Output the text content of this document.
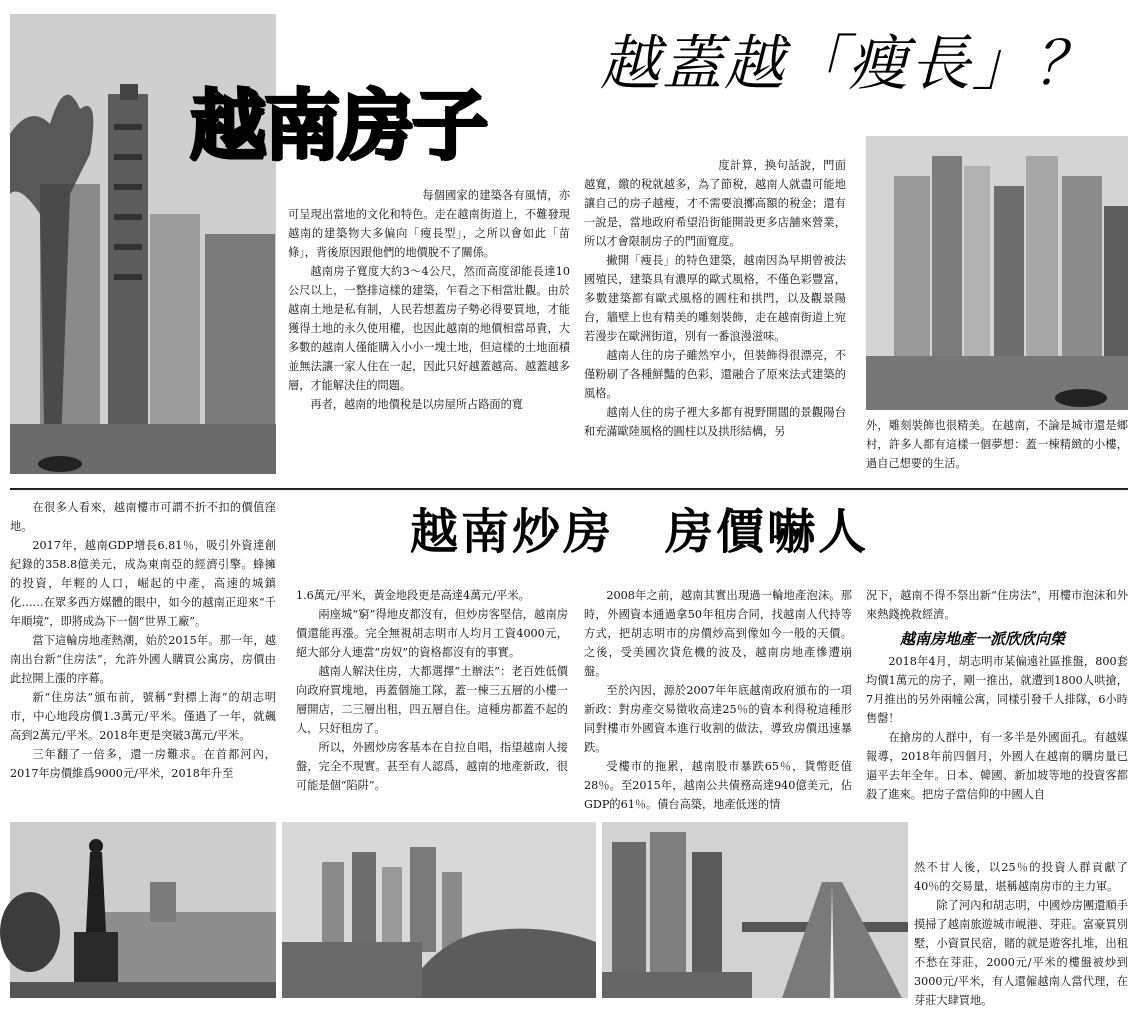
越南房子
越蓋越「瘦長」？

每個國家的建築各有風情，亦可呈現出當地的文化和特色。走在越南街道上，不難發現越南的建築物大多偏向「瘦長型」，之所以會如此「苗條」，背後原因跟他們的地價脫不了關係。

越南房子寬度大約3～4公尺，然而高度卻能長達10公尺以上，一整排這樣的建築，乍看之下相當壯觀。由於越南土地是私有制，人民若想蓋房子勢必得要買地，才能獲得土地的永久使用權，也因此越南的地價相當昂貴，大多數的越南人僅能購入小小一塊土地，但這樣的土地面積並無法讓一家人住在一起，因此只好越蓋越高、越蓋越多層，才能解決住的問題。

再者，越南的地價稅是以房屋所占路面的寬

度計算，換句話說，門面越寬，繳的稅就越多，為了節稅，越南人就盡可能地讓自己的房子越瘦，才不需要浪擲高額的稅金；還有一說是，當地政府希望沿街能開設更多店舖來營業，所以才會限制房子的門面寬度。

撇開「瘦長」的特色建築，越南因為早期曾被法國殖民，建築具有濃厚的歐式風格，不僅色彩豐富，多數建築都有歐式風格的圓柱和拱門，以及觀景陽台，牆壁上也有精美的雕刻裝飾，走在越南街道上宛若漫步在歐洲街道，別有一番浪漫滋味。

越南人住的房子雖然窄小，但裝飾得很漂亮，不僅粉刷了各種鮮豔的色彩，還融合了原來法式建築的風格。

越南人住的房子裡大多都有視野開闊的景觀陽台和充滿歐陸風格的圓柱以及拱形結構，另	外，雕刻裝飾也很精美。在越南，不論是城市還是鄉村，許多人都有這樣一個夢想：蓋一棟精緻的小樓，過自己想要的生活。

越南炒房　房價嚇人

在很多人看來，越南樓市可謂不折不扣的價值窪地。

2017年，越南GDP增長6.81％，吸引外資達創紀錄的358.8億美元，成為東南亞的經濟引擎。蜂擁的投資，年輕的人口，崛起的中產，高速的城鎮化……在眾多西方媒體的眼中，如今的越南正迎來“千年順境”，即將成為下一個“世界工廠”。

當下這輪房地產熱潮，始於2015年。那一年，越南出台新“住房法”，允許外國人購買公寓房，房價由此拉開上漲的序幕。

新“住房法”頒布前，號稱“對標上海”的胡志明市，中心地段房價1.3萬元/平米。僅過了一年，就飆高到2萬元/平米。2018年更是突破3萬元/平米。

三年翻了一倍多，還一房難求。在首都河內，2017年房價維爲9000元/平米，2018年升至

1.6萬元/平米，黃金地段更是高達4萬元/平米。

兩座城“窮”得地皮都沒有，但炒房客堅信，越南房價還能再漲。完全無視胡志明市人均月工資4000元，絕大部分人連當“房奴”的資格都沒有的事實。

越南人解決住房，大都選擇“土辦法”：老百姓低價向政府買塊地，再蓋個施工隊，蓋一棟三五層的小樓一層開店，二三層出租，四五層自住。這種房都蓋不起的人，只好租房了。

所以，外國炒房客基本在自拉自唱，指望越南人接盤，完全不現實。甚至有人認爲，越南的地產新政，很可能是個“陷阱”。

2008年之前，越南其實出現過一輪地產泡沫。那時，外國資本通過拿50年租房合同，找越南人代持等方式，把胡志明市的房價炒高到像如今一般的天價。之後，受美國次貸危機的波及，越南房地產慘遭崩盤。

至於內因，源於2007年年底越南政府頒布的一項新政：對房產交易徵收高達25％的資本利得稅這種形同對樓市外國資本進行收割的做法，導致房價迅速暴跌。

受樓市的拖累，越南股市暴跌65％，貨幣貶值28％。至2015年，越南公共債務高達940億美元，佔GDP的61％。債台高築，地產低迷的情

況下，越南不得不祭出新“住房法”，用樓市泡沫和外來熱錢挽救經濟。

越南房地產一派欣欣向榮

2018年4月，胡志明市某偏遠社區推盤，800套均價1萬元的房子，剛一推出，就遭到1800人哄搶，7月推出的另外兩幢公寓，同樣引發千人排隊，6小時售罄！

在搶房的人群中，有一多半是外國面孔。有越媒報導，2018年前四個月，外國人在越南的購房量已逼平去年全年。日本、韓國、新加坡等地的投資客都殺了進來。把房子當信仰的中國人自

然不甘人後，以25％的投資人群貢獻了40％的交易量，堪稱越南房市的主力軍。

除了河內和胡志明，中國炒房團還順手摸掃了越南旅遊城市峴港、芽莊。富豪買別墅，小資買民宿，賭的就是遊客扎堆，出租不愁在芽莊，2000元/平米的樓盤被炒到3000元/平米，有人還僱越南人當代理，在芽莊大肆買地。
